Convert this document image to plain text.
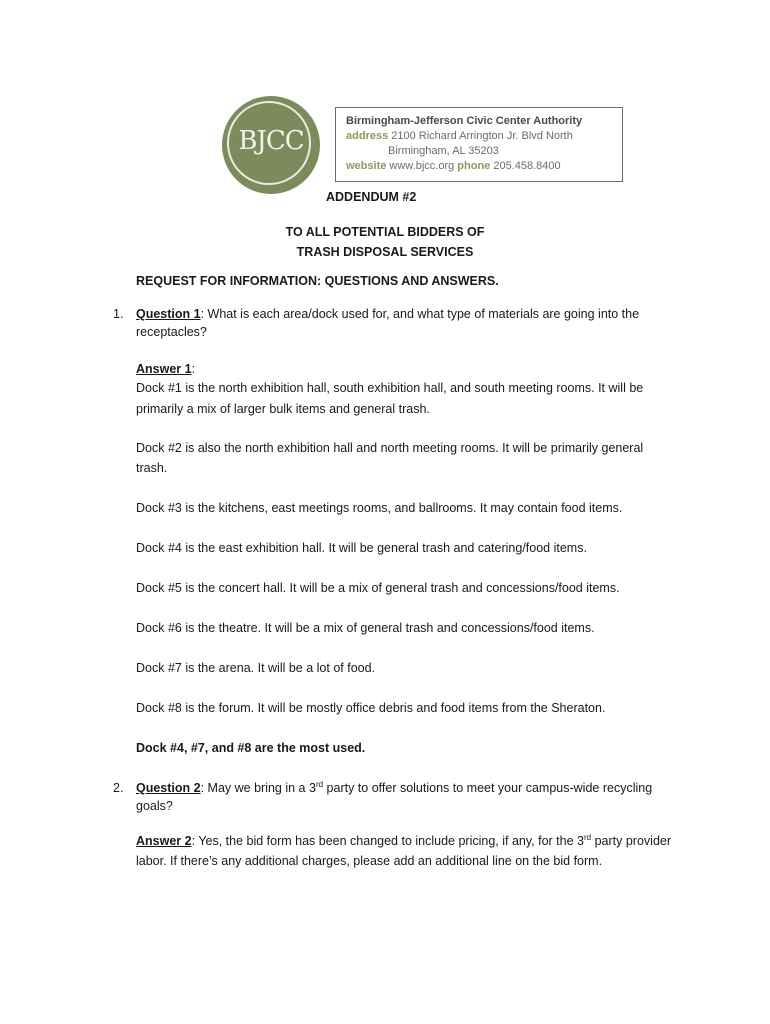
BJCC
Birmingham-Jefferson Civic Center Authority
address 2100 Richard Arrington Jr. Blvd North
Birmingham, AL 35203
website www.bjcc.org phone 205.458.8400
ADDENDUM #2
TO ALL POTENTIAL BIDDERS OF
TRASH DISPOSAL SERVICES
REQUEST FOR INFORMATION: QUESTIONS AND ANSWERS.
1. Question 1: What is each area/dock used for, and what type of materials are going into the
receptacles?
Answer 1:
Dock #1 is the north exhibition hall, south exhibition hall, and south meeting rooms. It will be
primarily a mix of larger bulk items and general trash.
Dock #2 is also the north exhibition hall and north meeting rooms. It will be primarily general
trash.
Dock #3 is the kitchens, east meetings rooms, and ballrooms. It may contain food items.
Dock #4 is the east exhibition hall. It will be general trash and catering/food items.
Dock #5 is the concert hall. It will be a mix of general trash and concessions/food items.
Dock #6 is the theatre. It will be a mix of general trash and concessions/food items.
Dock #7 is the arena. It will be a lot of food.
Dock #8 is the forum. It will be mostly office debris and food items from the Sheraton.
Dock #4, #7, and #8 are the most used.
2. Question 2: May we bring in a 3rd party to offer solutions to meet your campus-wide recycling
goals?
Answer 2: Yes, the bid form has been changed to include pricing, if any, for the 3rd party provider
labor. If there’s any additional charges, please add an additional line on the bid form.
